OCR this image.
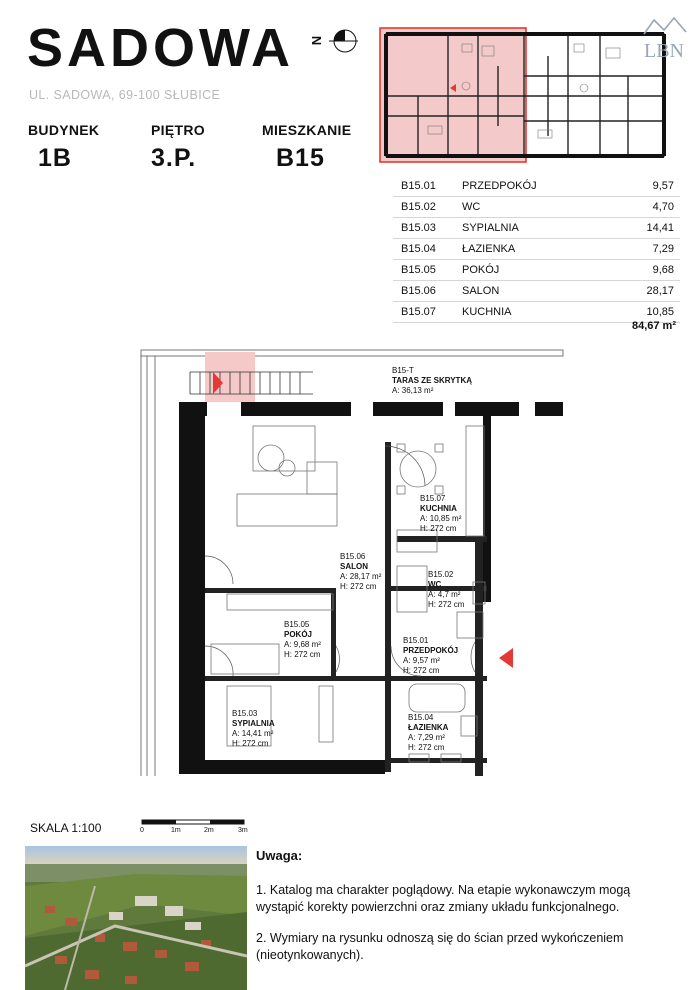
SADOWA
UL. SADOWA, 69-100 SŁUBICE
N	LBN
BUDYNEK
1B
PIĘTRO
3.P.
MIESZKANIE
B15
B15.01	PRZEDPOKÓJ	9,57
B15.02	WC	4,70
B15.03	SYPIALNIA	14,41
B15.04	ŁAZIENKA	7,29
B15.05	POKÓJ	9,68
B15.06	SALON	28,17
B15.07	KUCHNIA	10,85
84,67 m²
B15-T
TARAS ZE SKRYTKĄ
A: 36,13 m²
B15.07
KUCHNIA
A: 10,85 m²
H: 272 cm
B15.06
SALON
A: 28,17 m²
H: 272 cm
B15.02
WC
A: 4,7 m²
H: 272 cm
B15.05
POKÓJ
A: 9,68 m²
H: 272 cm
B15.01
PRZEDPOKÓJ
A: 9,57 m²
H: 272 cm
B15.03
SYPIALNIA
A: 14,41 m²
H: 272 cm
B15.04
ŁAZIENKA
A: 7,29 m²
H: 272 cm
SKALA 1:100	0	1m	2m	3m
Uwaga:

1. Katalog ma charakter poglądowy. Na etapie wykonawczym mogą wystąpić korekty powierzchni oraz zmiany układu funkcjonalnego.

2. Wymiary na rysunku odnoszą się do ścian przed wykończeniem (nieotynkowanych).
